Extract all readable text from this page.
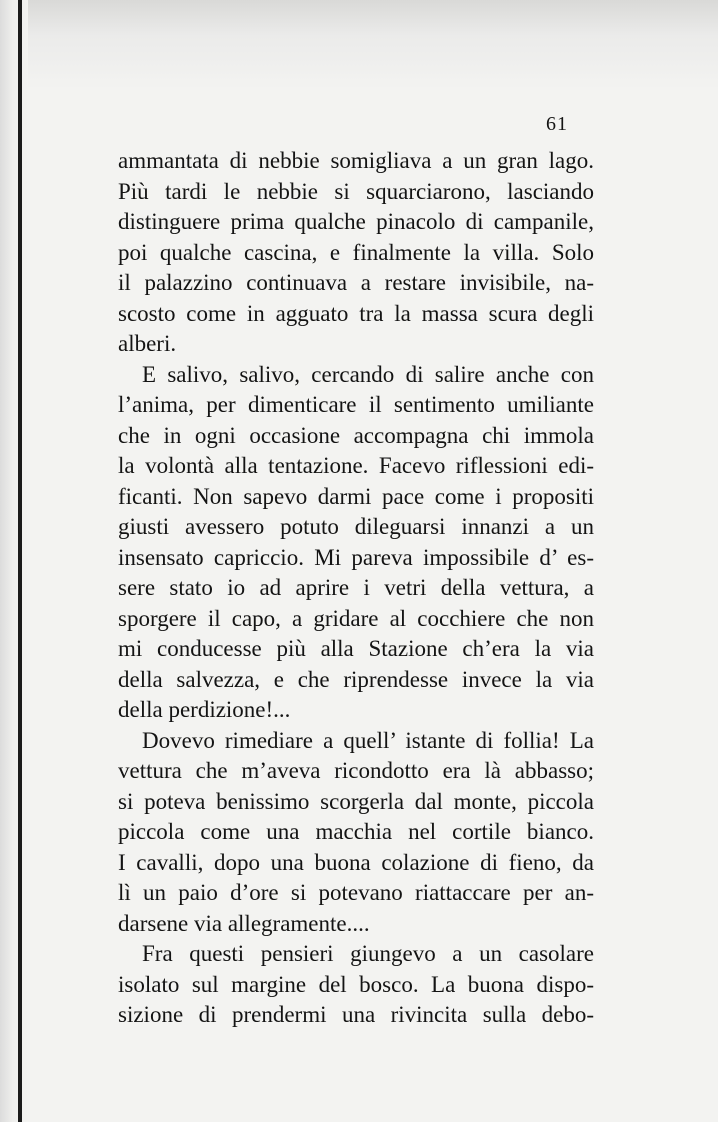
61
ammantata di nebbie somigliava a un gran lago.
Più tardi le nebbie si squarciarono, lasciando
distinguere prima qualche pinacolo di campanile,
poi qualche cascina, e finalmente la villa. Solo
il palazzino continuava a restare invisibile, na-
scosto come in agguato tra la massa scura degli
alberi.
E salivo, salivo, cercando di salire anche con
l’anima, per dimenticare il sentimento umiliante
che in ogni occasione accompagna chi immola
la volontà alla tentazione. Facevo riflessioni edi-
ficanti. Non sapevo darmi pace come i propositi
giusti avessero potuto dileguarsi innanzi a un
insensato capriccio. Mi pareva impossibile d’ es-
sere stato io ad aprire i vetri della vettura, a
sporgere il capo, a gridare al cocchiere che non
mi conducesse più alla Stazione ch’era la via
della salvezza, e che riprendesse invece la via
della perdizione!...
Dovevo rimediare a quell’ istante di follia! La
vettura che m’aveva ricondotto era là abbasso;
si poteva benissimo scorgerla dal monte, piccola
piccola come una macchia nel cortile bianco.
I cavalli, dopo una buona colazione di fieno, da
lì un paio d’ore si potevano riattaccare per an-
darsene via allegramente....
Fra questi pensieri giungevo a un casolare
isolato sul margine del bosco. La buona dispo-
sizione di prendermi una rivincita sulla debo-
